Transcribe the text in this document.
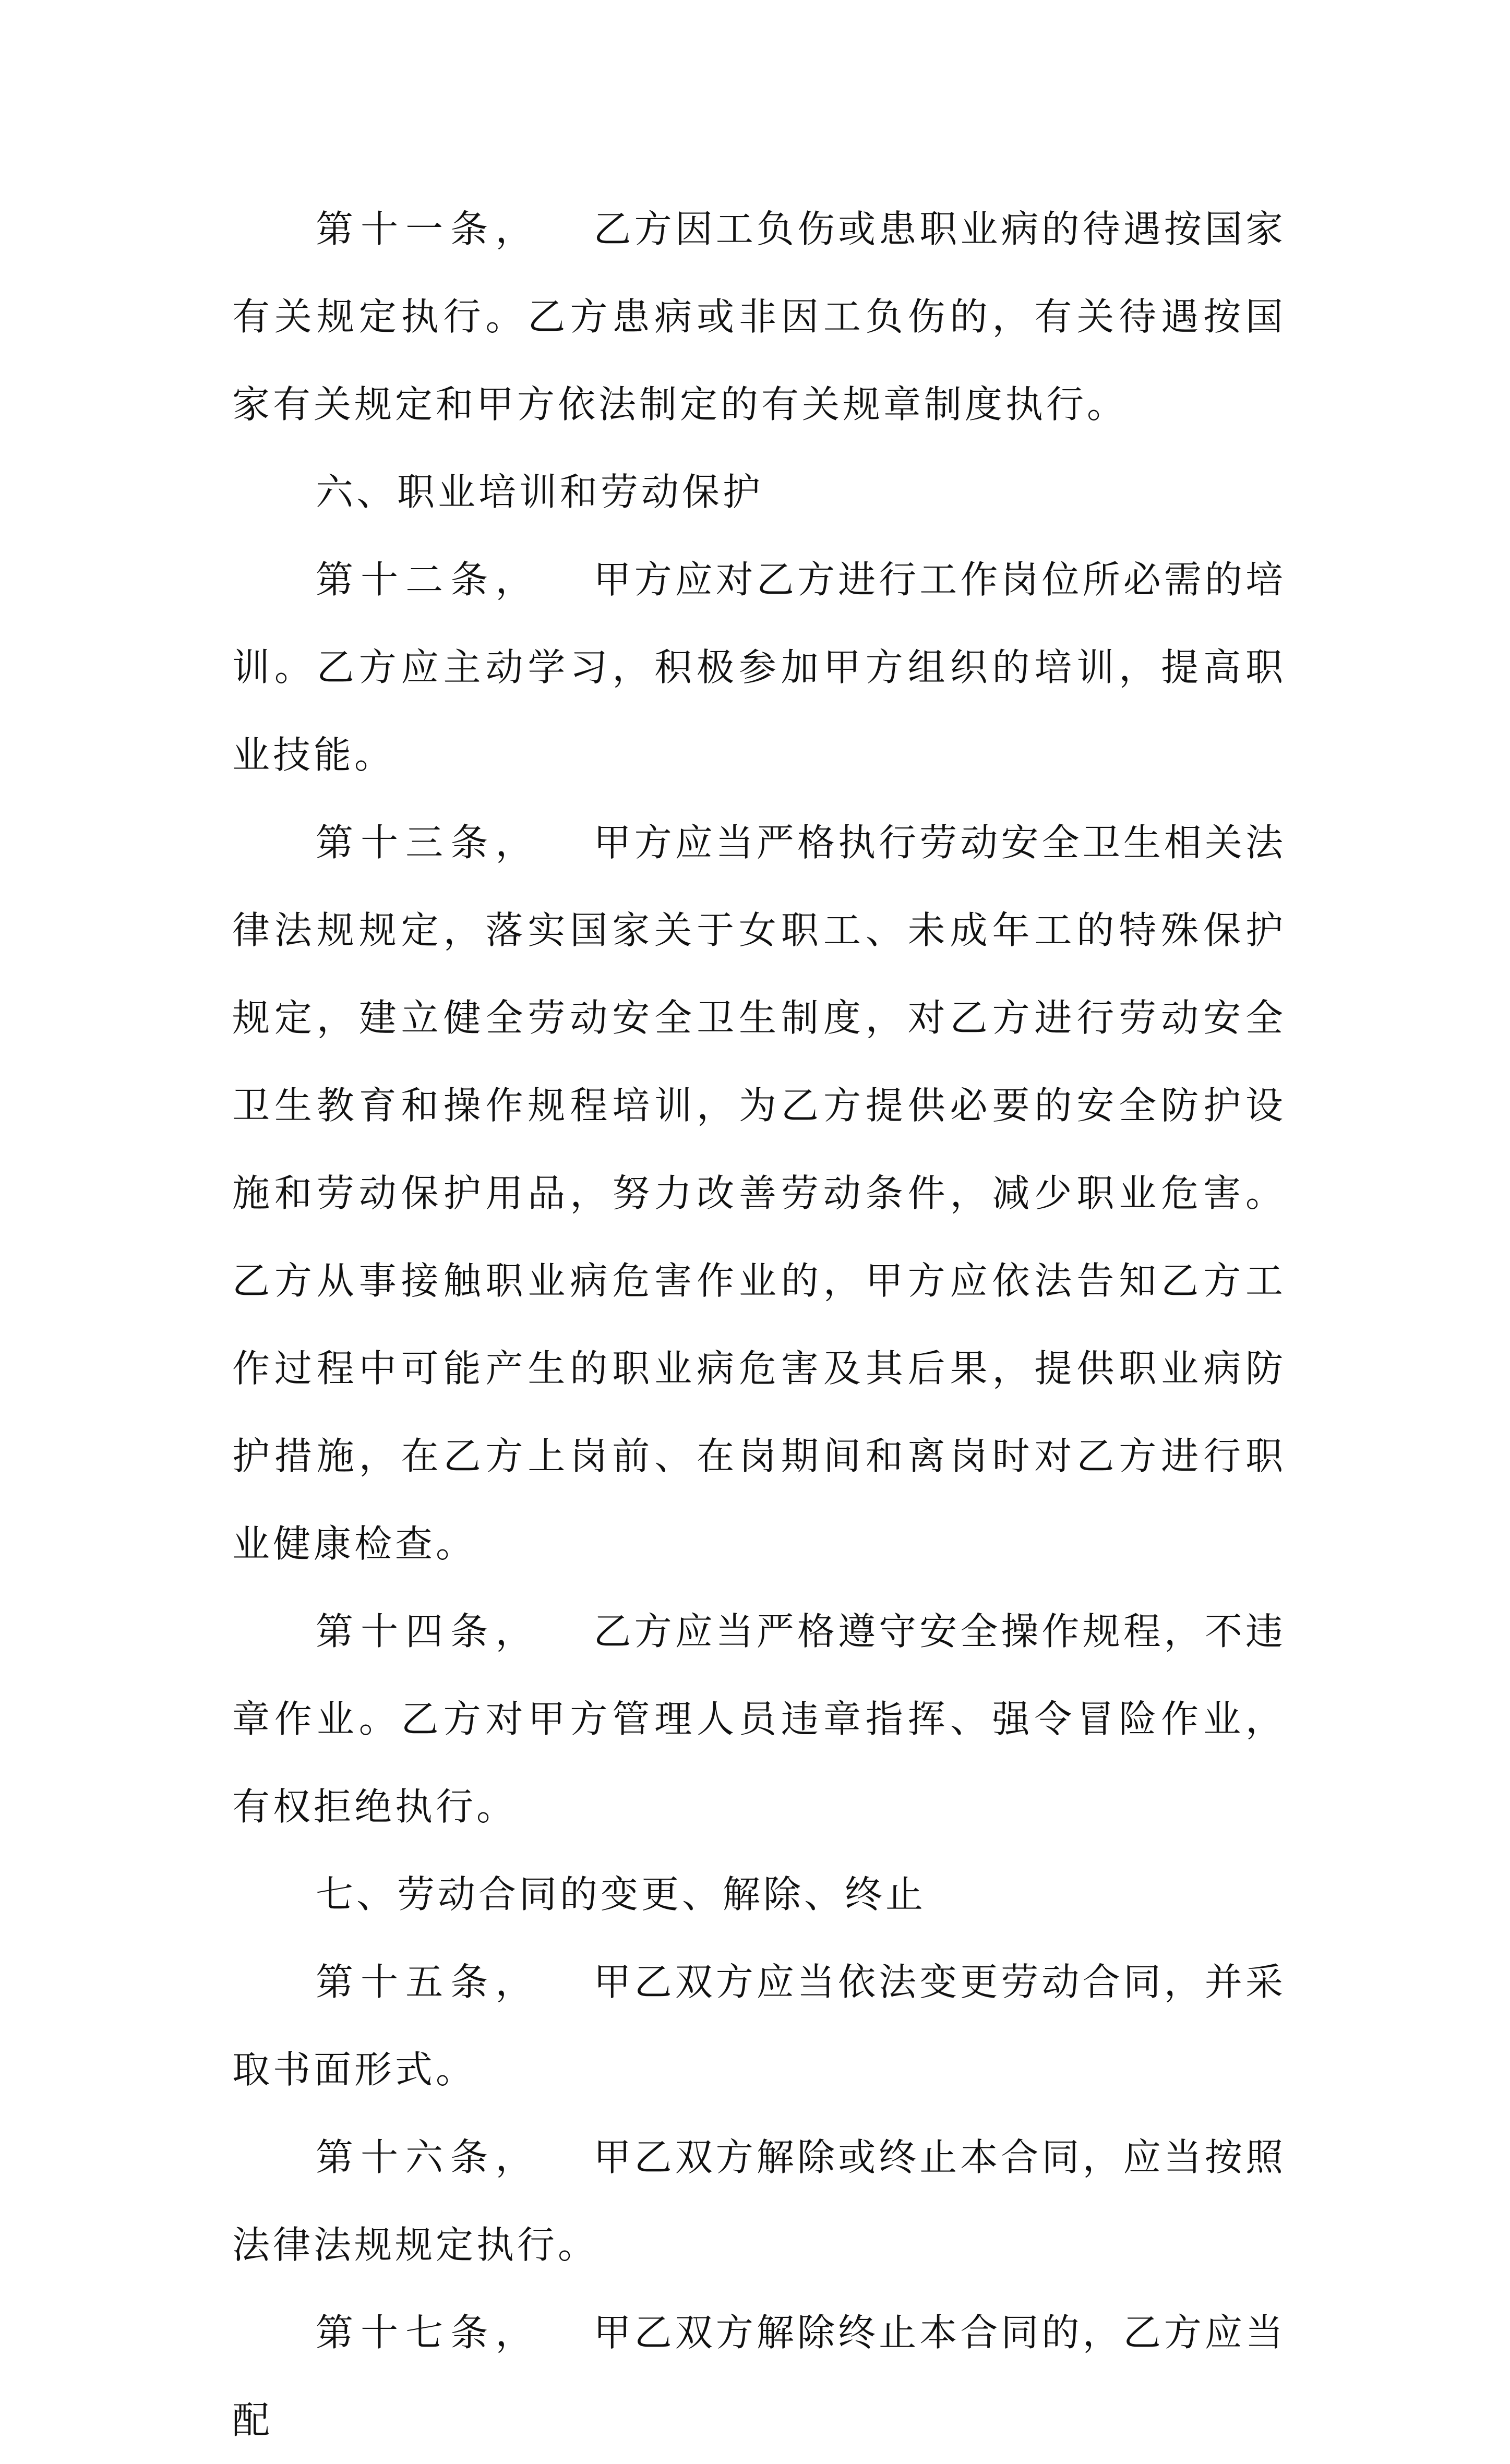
第十一条， 乙方因工负伤或患职业病的待遇按国家有关规定执行。乙方患病或非因工负伤的，有关待遇按国家有关规定和甲方依法制定的有关规章制度执行。

六、职业培训和劳动保护

第十二条， 甲方应对乙方进行工作岗位所必需的培训。乙方应主动学习，积极参加甲方组织的培训，提高职业技能。

第十三条， 甲方应当严格执行劳动安全卫生相关法律法规规定，落实国家关于女职工、未成年工的特殊保护规定，建立健全劳动安全卫生制度，对乙方进行劳动安全卫生教育和操作规程培训，为乙方提供必要的安全防护设施和劳动保护用品，努力改善劳动条件，减少职业危害。乙方从事接触职业病危害作业的，甲方应依法告知乙方工作过程中可能产生的职业病危害及其后果，提供职业病防护措施，在乙方上岗前、在岗期间和离岗时对乙方进行职业健康检查。

第十四条， 乙方应当严格遵守安全操作规程，不违章作业。乙方对甲方管理人员违章指挥、强令冒险作业，有权拒绝执行。

七、劳动合同的变更、解除、终止

第十五条， 甲乙双方应当依法变更劳动合同，并采取书面形式。

第十六条， 甲乙双方解除或终止本合同，应当按照法律法规规定执行。

第十七条， 甲乙双方解除终止本合同的，乙方应当配
